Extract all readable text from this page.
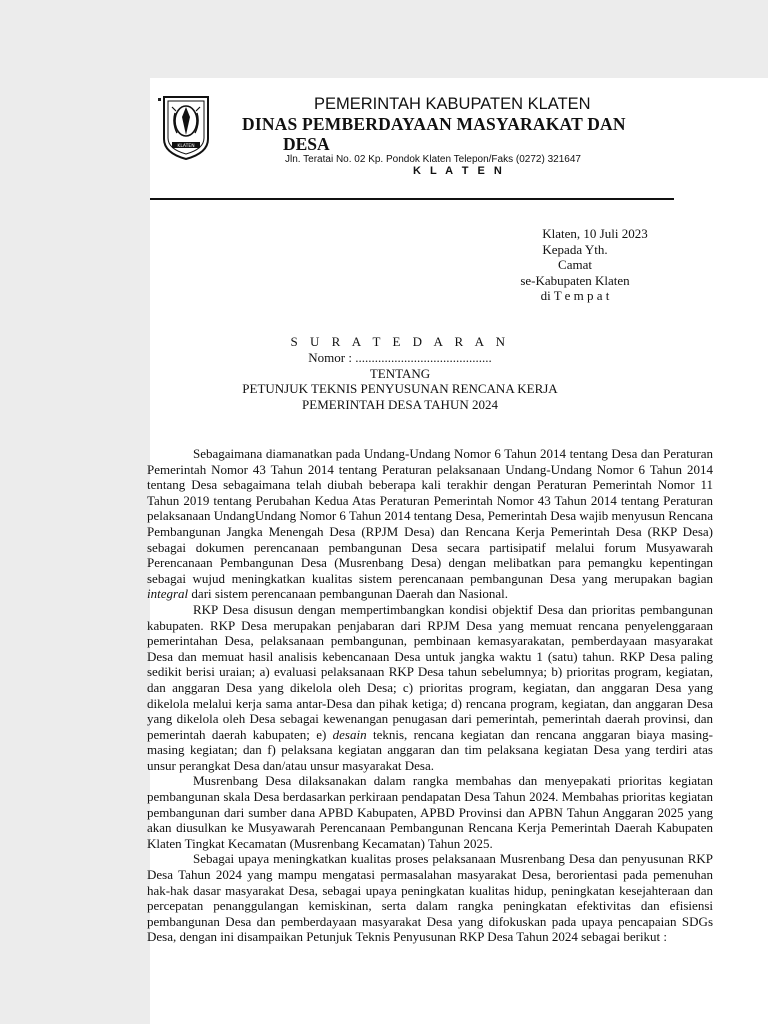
KLATEN
PEMERINTAH KABUPATEN KLATEN
DINAS PEMBERDAYAAN MASYARAKAT DAN
DESA
Jln. Teratai No. 02 Kp. Pondok Klaten Telepon/Faks (0272) 321647
K L A T E N
Klaten, 10 Juli 2023
Kepada Yth.
Camat
se-Kabupaten Klaten
di T e m p a t
S U R A T E D A R A N
Nomor : ..........................................
TENTANG
PETUNJUK TEKNIS PENYUSUNAN RENCANA KERJA
PEMERINTAH DESA TAHUN 2024

Sebagaimana diamanatkan pada Undang-Undang Nomor 6 Tahun 2014 tentang Desa dan Peraturan Pemerintah Nomor 43 Tahun 2014 tentang Peraturan pelaksanaan Undang-Undang Nomor 6 Tahun 2014 tentang Desa sebagaimana telah diubah beberapa kali terakhir dengan Peraturan Pemerintah Nomor 11 Tahun 2019 tentang Perubahan Kedua Atas Peraturan Pemerintah Nomor 43 Tahun 2014 tentang Peraturan pelaksanaan UndangUndang Nomor 6 Tahun 2014 tentang Desa, Pemerintah Desa wajib menyusun Rencana Pembangunan Jangka Menengah Desa (RPJM Desa) dan Rencana Kerja Pemerintah Desa (RKP Desa) sebagai dokumen perencanaan pembangunan Desa secara partisipatif melalui forum Musyawarah Perencanaan Pembangunan Desa (Musrenbang Desa) dengan melibatkan para pemangku kepentingan sebagai wujud meningkatkan kualitas sistem perencanaan pembangunan Desa yang merupakan bagian integral dari sistem perencanaan pembangunan Daerah dan Nasional.

RKP Desa disusun dengan mempertimbangkan kondisi objektif Desa dan prioritas pembangunan kabupaten. RKP Desa merupakan penjabaran dari RPJM Desa yang memuat rencana penyelenggaraan pemerintahan Desa, pelaksanaan pembangunan, pembinaan kemasyarakatan, pemberdayaan masyarakat Desa dan memuat hasil analisis kebencanaan Desa untuk jangka waktu 1 (satu) tahun. RKP Desa paling sedikit berisi uraian; a) evaluasi pelaksanaan RKP Desa tahun sebelumnya; b) prioritas program, kegiatan, dan anggaran Desa yang dikelola oleh Desa; c) prioritas program, kegiatan, dan anggaran Desa yang dikelola melalui kerja sama antar-Desa dan pihak ketiga; d) rencana program, kegiatan, dan anggaran Desa yang dikelola oleh Desa sebagai kewenangan penugasan dari pemerintah, pemerintah daerah provinsi, dan pemerintah daerah kabupaten; e) desain teknis, rencana kegiatan dan rencana anggaran biaya masing-masing kegiatan; dan f) pelaksana kegiatan anggaran dan tim pelaksana kegiatan Desa yang terdiri atas unsur perangkat Desa dan/atau unsur masyarakat Desa.

Musrenbang Desa dilaksanakan dalam rangka membahas dan menyepakati prioritas kegiatan pembangunan skala Desa berdasarkan perkiraan pendapatan Desa Tahun 2024. Membahas prioritas kegiatan pembangunan dari sumber dana APBD Kabupaten, APBD Provinsi dan APBN Tahun Anggaran 2025 yang akan diusulkan ke Musyawarah Perencanaan Pembangunan Rencana Kerja Pemerintah Daerah Kabupaten Klaten Tingkat Kecamatan (Musrenbang Kecamatan) Tahun 2025.

Sebagai upaya meningkatkan kualitas proses pelaksanaan Musrenbang Desa dan penyusunan RKP Desa Tahun 2024 yang mampu mengatasi permasalahan masyarakat Desa, berorientasi pada pemenuhan hak-hak dasar masyarakat Desa, sebagai upaya peningkatan kualitas hidup, peningkatan kesejahteraan dan percepatan penanggulangan kemiskinan, serta dalam rangka peningkatan efektivitas dan efisiensi pembangunan Desa dan pemberdayaan masyarakat Desa yang difokuskan pada upaya pencapaian SDGs Desa, dengan ini disampaikan Petunjuk Teknis Penyusunan RKP Desa Tahun 2024 sebagai berikut :
